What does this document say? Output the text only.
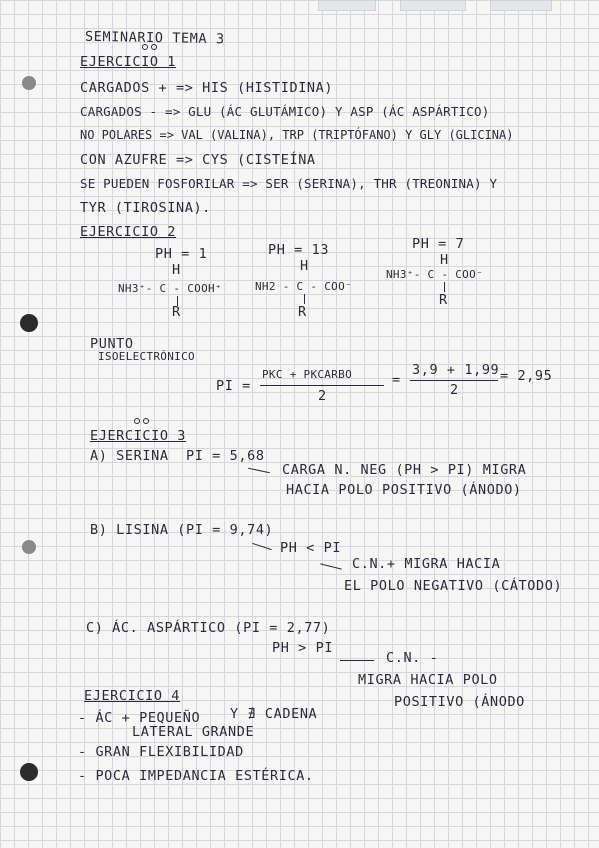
SEMINARIO TEMA 3
EJERCICIO 1
CARGADOS + => HIS (HISTIDINA)
CARGADOS - => GLU (ÁC GLUTÁMICO) Y ASP (ÁC ASPÁRTICO)
NO POLARES => VAL (VALINA), TRP (TRIPTÓFANO) Y GLY (GLICINA)
CON AZUFRE => CYS (CISTEÍNA
SE PUEDEN FOSFORILAR => SER (SERINA), THR (TREONINA) Y
TYR (TIROSINA).
EJERCICIO 2
PH = 1
H
NH3⁺- C - COOH⁺
R
PH = 13
H
NH2 - C - COO⁻
R
PH = 7
H
NH3⁺- C - COO⁻
R
PUNTO
ISOELECTRÓNICO
PI =
PKC + PKCARBO
2
=
3,9 + 1,99
2
= 2,95
EJERCICIO 3
A) SERINA PI = 5,68
CARGA N. NEG (PH > PI) MIGRA
HACIA POLO POSITIVO (ÁNODO)
B) LISINA (PI = 9,74)
PH < PI
C.N.+ MIGRA HACIA
EL POLO NEGATIVO (CÁTODO)
C) ÁC. ASPÁRTICO (PI = 2,77)
PH > PI
C.N. -
MIGRA HACIA POLO
POSITIVO (ÁNODO
EJERCICIO 4
- ÁC + PEQUEÑO Y ∄ CADENA
LATERAL GRANDE
- GRAN FLEXIBILIDAD
- POCA IMPEDANCIA ESTÉRICA.
